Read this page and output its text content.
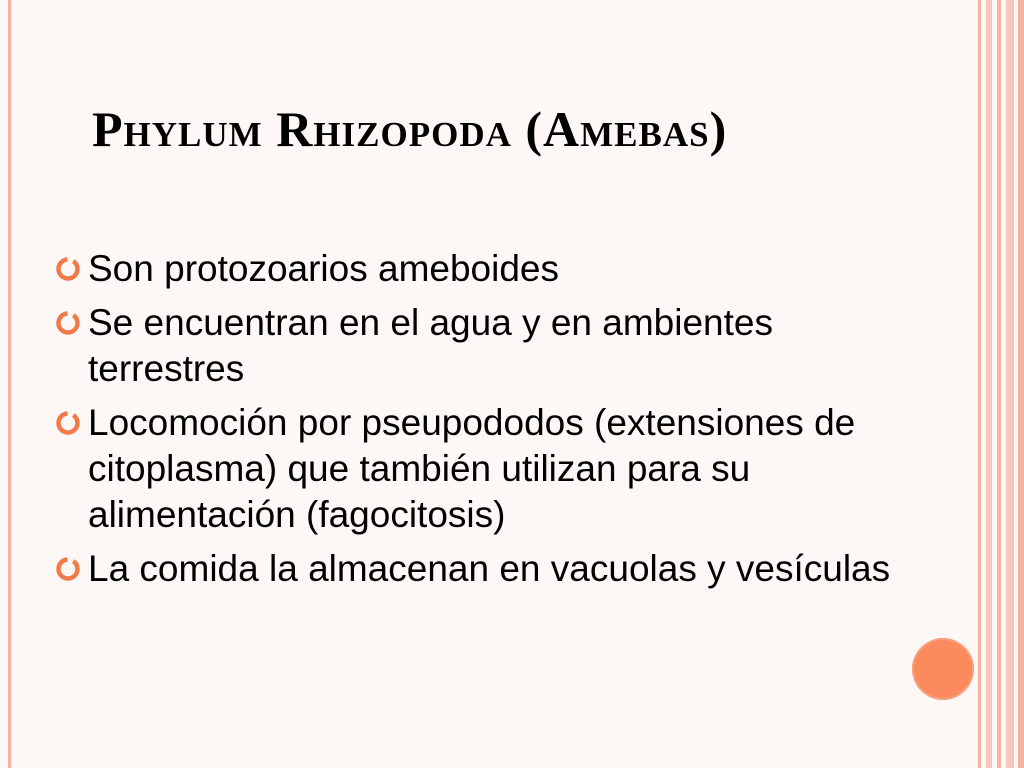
Phylum Rhizopoda (Amebas)
Son protozoarios ameboides
Se encuentran en el agua y en ambientes terrestres
Locomoción por pseupododos (extensiones de citoplasma) que también utilizan para su alimentación (fagocitosis)
La comida la almacenan en vacuolas y vesículas
